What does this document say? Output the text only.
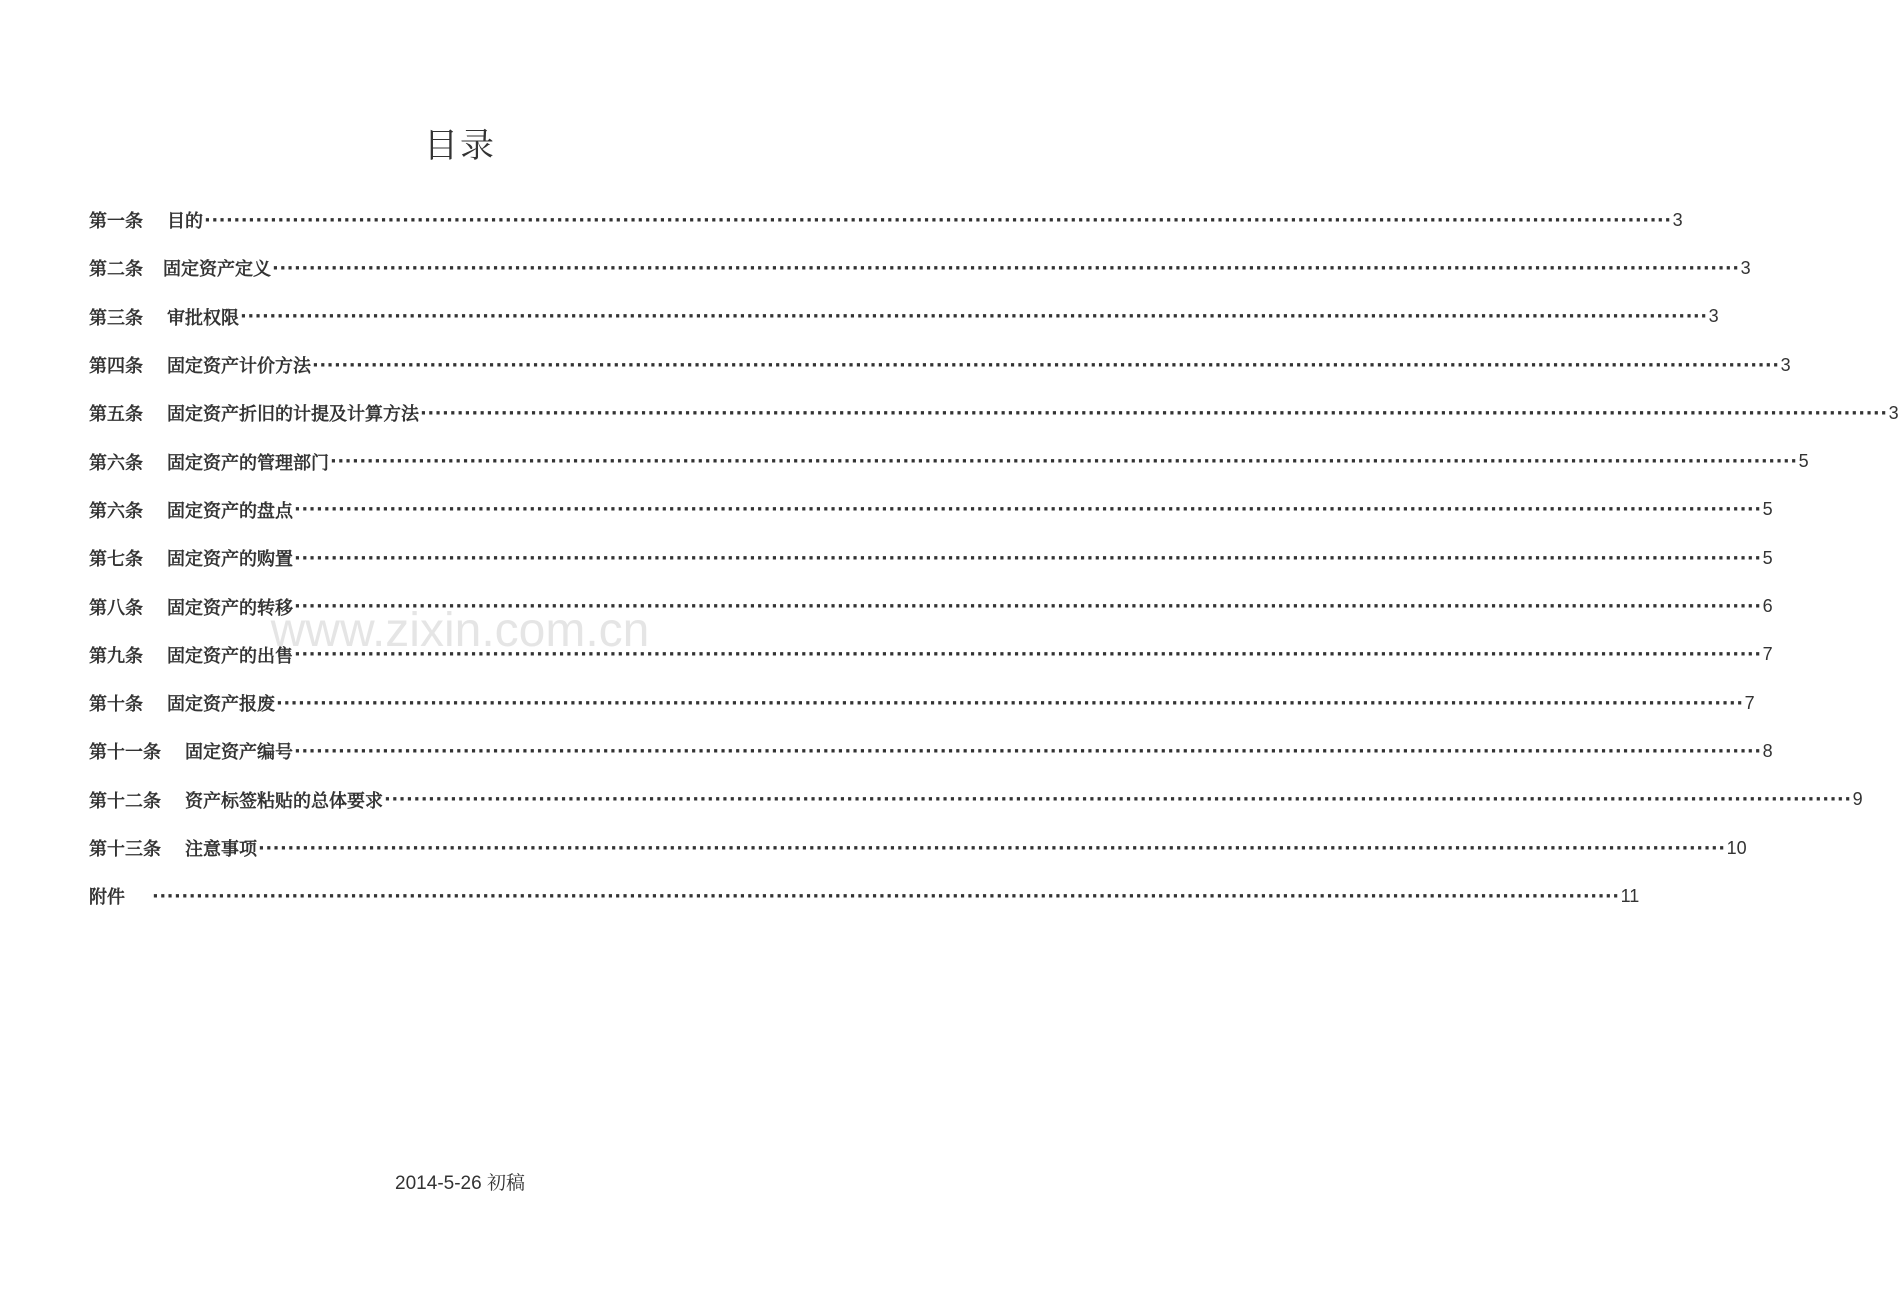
目录
www.zixin.com.cn
第一条 目的 ········································································································································································································ 3
第二条 固定资产定义 ········································································································································································································ 3
第三条 审批权限 ········································································································································································································ 3
第四条 固定资产计价方法 ········································································································································································································ 3
第五条 固定资产折旧的计提及计算方法 ········································································································································································································ 3
第六条 固定资产的管理部门 ········································································································································································································ 5
第六条 固定资产的盘点 ········································································································································································································ 5
第七条 固定资产的购置 ········································································································································································································ 5
第八条 固定资产的转移 ········································································································································································································ 6
第九条 固定资产的出售 ········································································································································································································ 7
第十条 固定资产报废 ········································································································································································································ 7
第十一条 固定资产编号 ········································································································································································································ 8
第十二条 资产标签粘贴的总体要求 ········································································································································································································ 9
第十三条 注意事项 ········································································································································································································ 10
附件 ········································································································································································································ 11
2014-5-26 初稿
